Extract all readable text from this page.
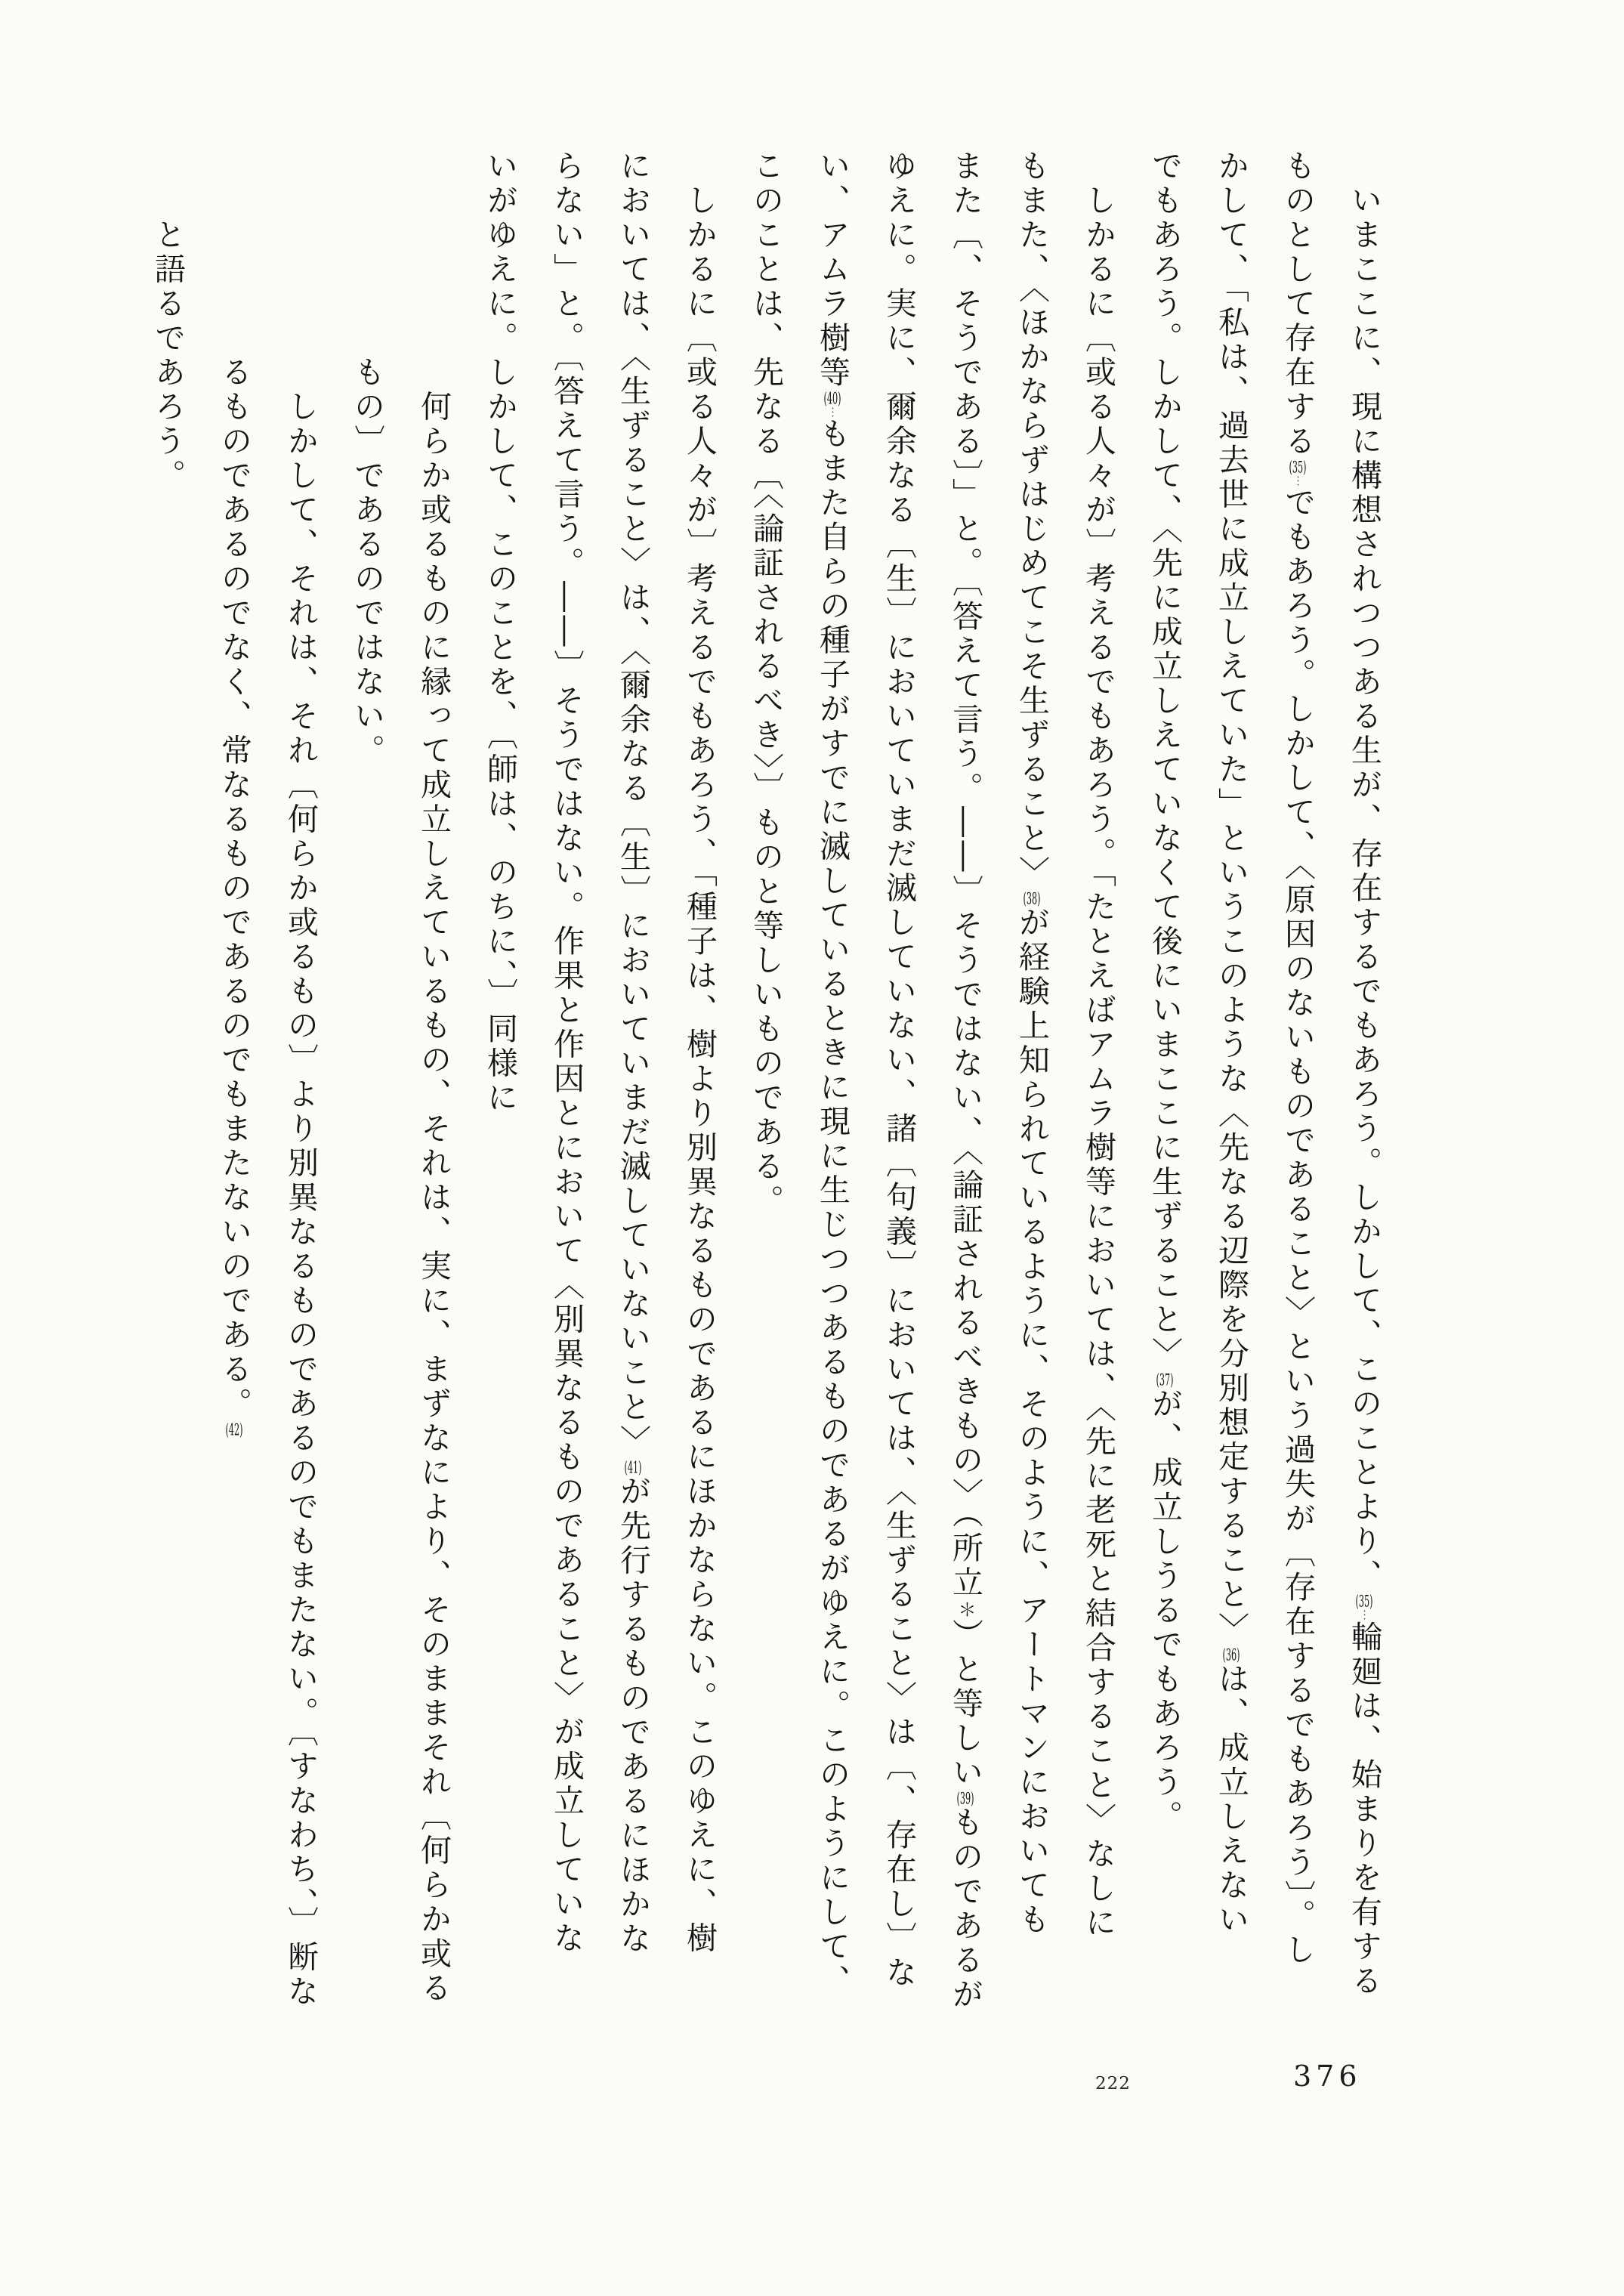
　いまここに、現に構想されつつある生が、存在するでもあろう。しかして、このことより、(35)︙輪廻は、始まりを有する
ものとして存在する(35)︙でもあろう。しかして、〈原因のないものであること〉という過失が〔存在するでもあろう〕。し
かして、「私は、過去世に成立しえていた」というこのような〈先なる辺際を分別想定すること〉(36)は、成立しえない
でもあろう。しかして、〈先に成立しえていなくて後にいまここに生ずること〉(37)が、成立しうるでもあろう。
　しかるに〔或る人々が〕考えるでもあろう。「たとえばアムラ樹等においては、〈先に老死と結合すること〉なしに
もまた、〈ほかならずはじめてこそ生ずること〉(38)が経験上知られているように、そのように、アートマンにおいても
また〔、そうである〕」と。〔答えて言う。――〕そうではない、〈論証されるべきもの〉（所立＊）と等しい(39)ものであるが
ゆえに。実に、爾余なる〔生〕においていまだ滅していない、諸〔句義〕においては、〈生ずること〉は〔、存在し〕な
い、アムラ樹等(40)︙もまた自らの種子がすでに滅しているときに現に生じつつあるものであるがゆえに。このようにして、
このことは、先なる〔〈論証されるべき〉〕ものと等しいものである。
　しかるに〔或る人々が〕考えるでもあろう、「種子は、樹より別異なるものであるにほかならない。このゆえに、樹
においては、〈生ずること〉は、〈爾余なる〔生〕においていまだ滅していないこと〉(41)が先行するものであるにほかな
らない」と。〔答えて言う。――〕そうではない。作果と作因とにおいて〈別異なるものであること〉が成立していな
いがゆえに。しかして、このことを、〔師は、のちに、〕同様に
　　　　　　　何らか或るものに縁って成立しえているもの、それは、実に、まずなにより、そのままそれ〔何らか或る
　　　　　　もの〕であるのではない。
　　　　　　　しかして、それは、それ〔何らか或るもの〕より別異なるものであるのでもまたない。〔すなわち、〕断な
　　　　　　るものであるのでなく、常なるものであるのでもまたないのである。(42)
　　と語るであろう。
222	376
